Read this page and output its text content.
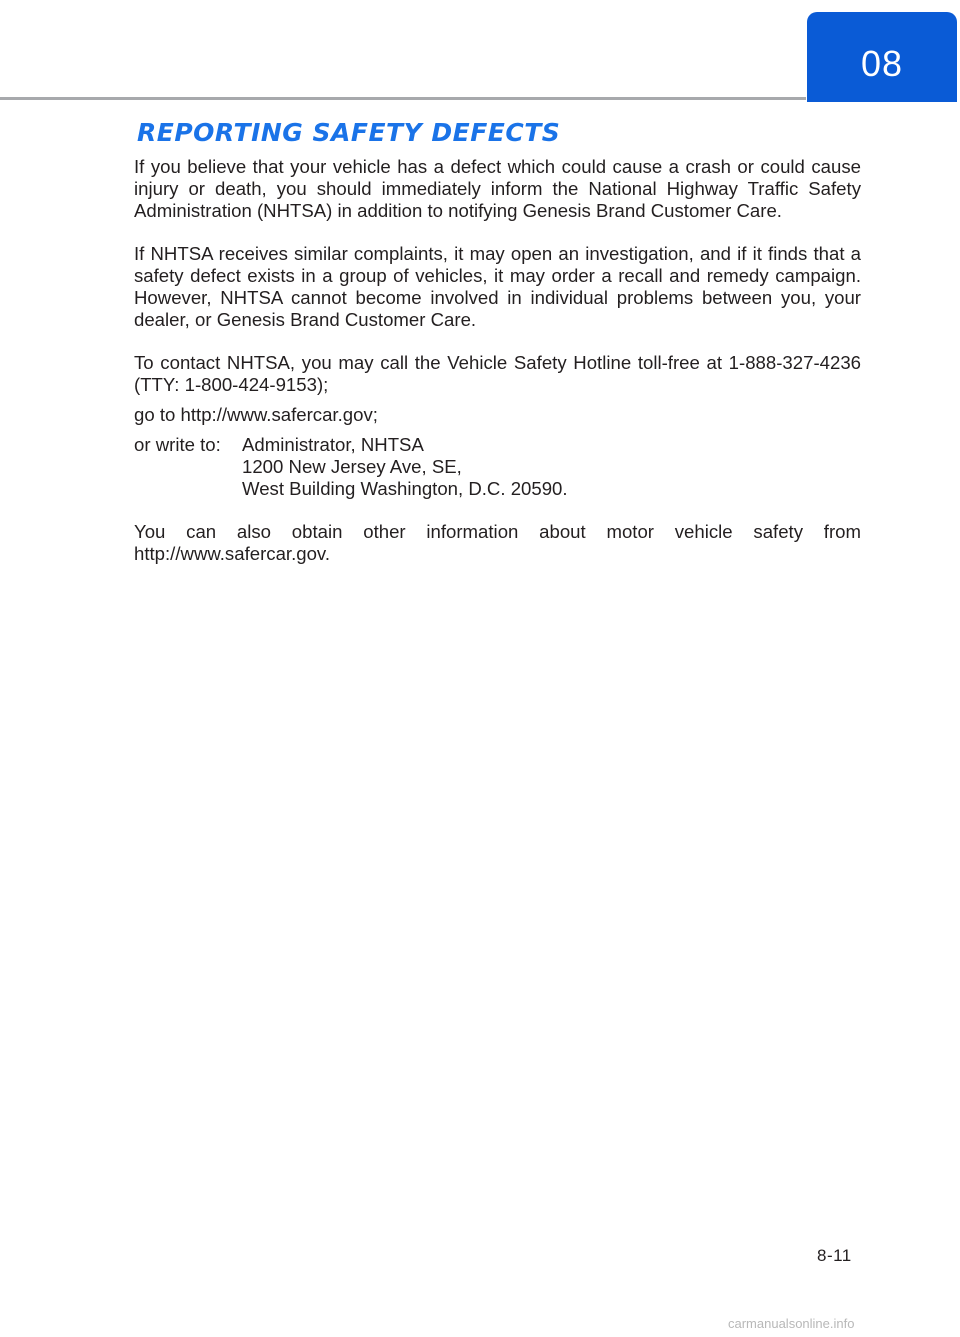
08
REPORTING SAFETY DEFECTS

If you believe that your vehicle has a defect which could cause a crash or could cause injury or death, you should immediately inform the National Highway Traffic Safety Administration (NHTSA) in addition to notifying Genesis Brand Customer Care.

If NHTSA receives similar complaints, it may open an investigation, and if it finds that a safety defect exists in a group of vehicles, it may order a recall and remedy campaign. However, NHTSA cannot become involved in individual problems between you, your dealer, or Genesis Brand Customer Care.

To contact NHTSA, you may call the Vehicle Safety Hotline toll-free at 1-888-327-4236 (TTY: 1-800-424-9153);

go to http://www.safercar.gov;

or write to:	Administrator, NHTSA
1200 New Jersey Ave, SE,
West Building Washington, D.C. 20590.

You can also obtain other information about motor vehicle safety from http://www.safercar.gov.

8-11
carmanualsonline.info
